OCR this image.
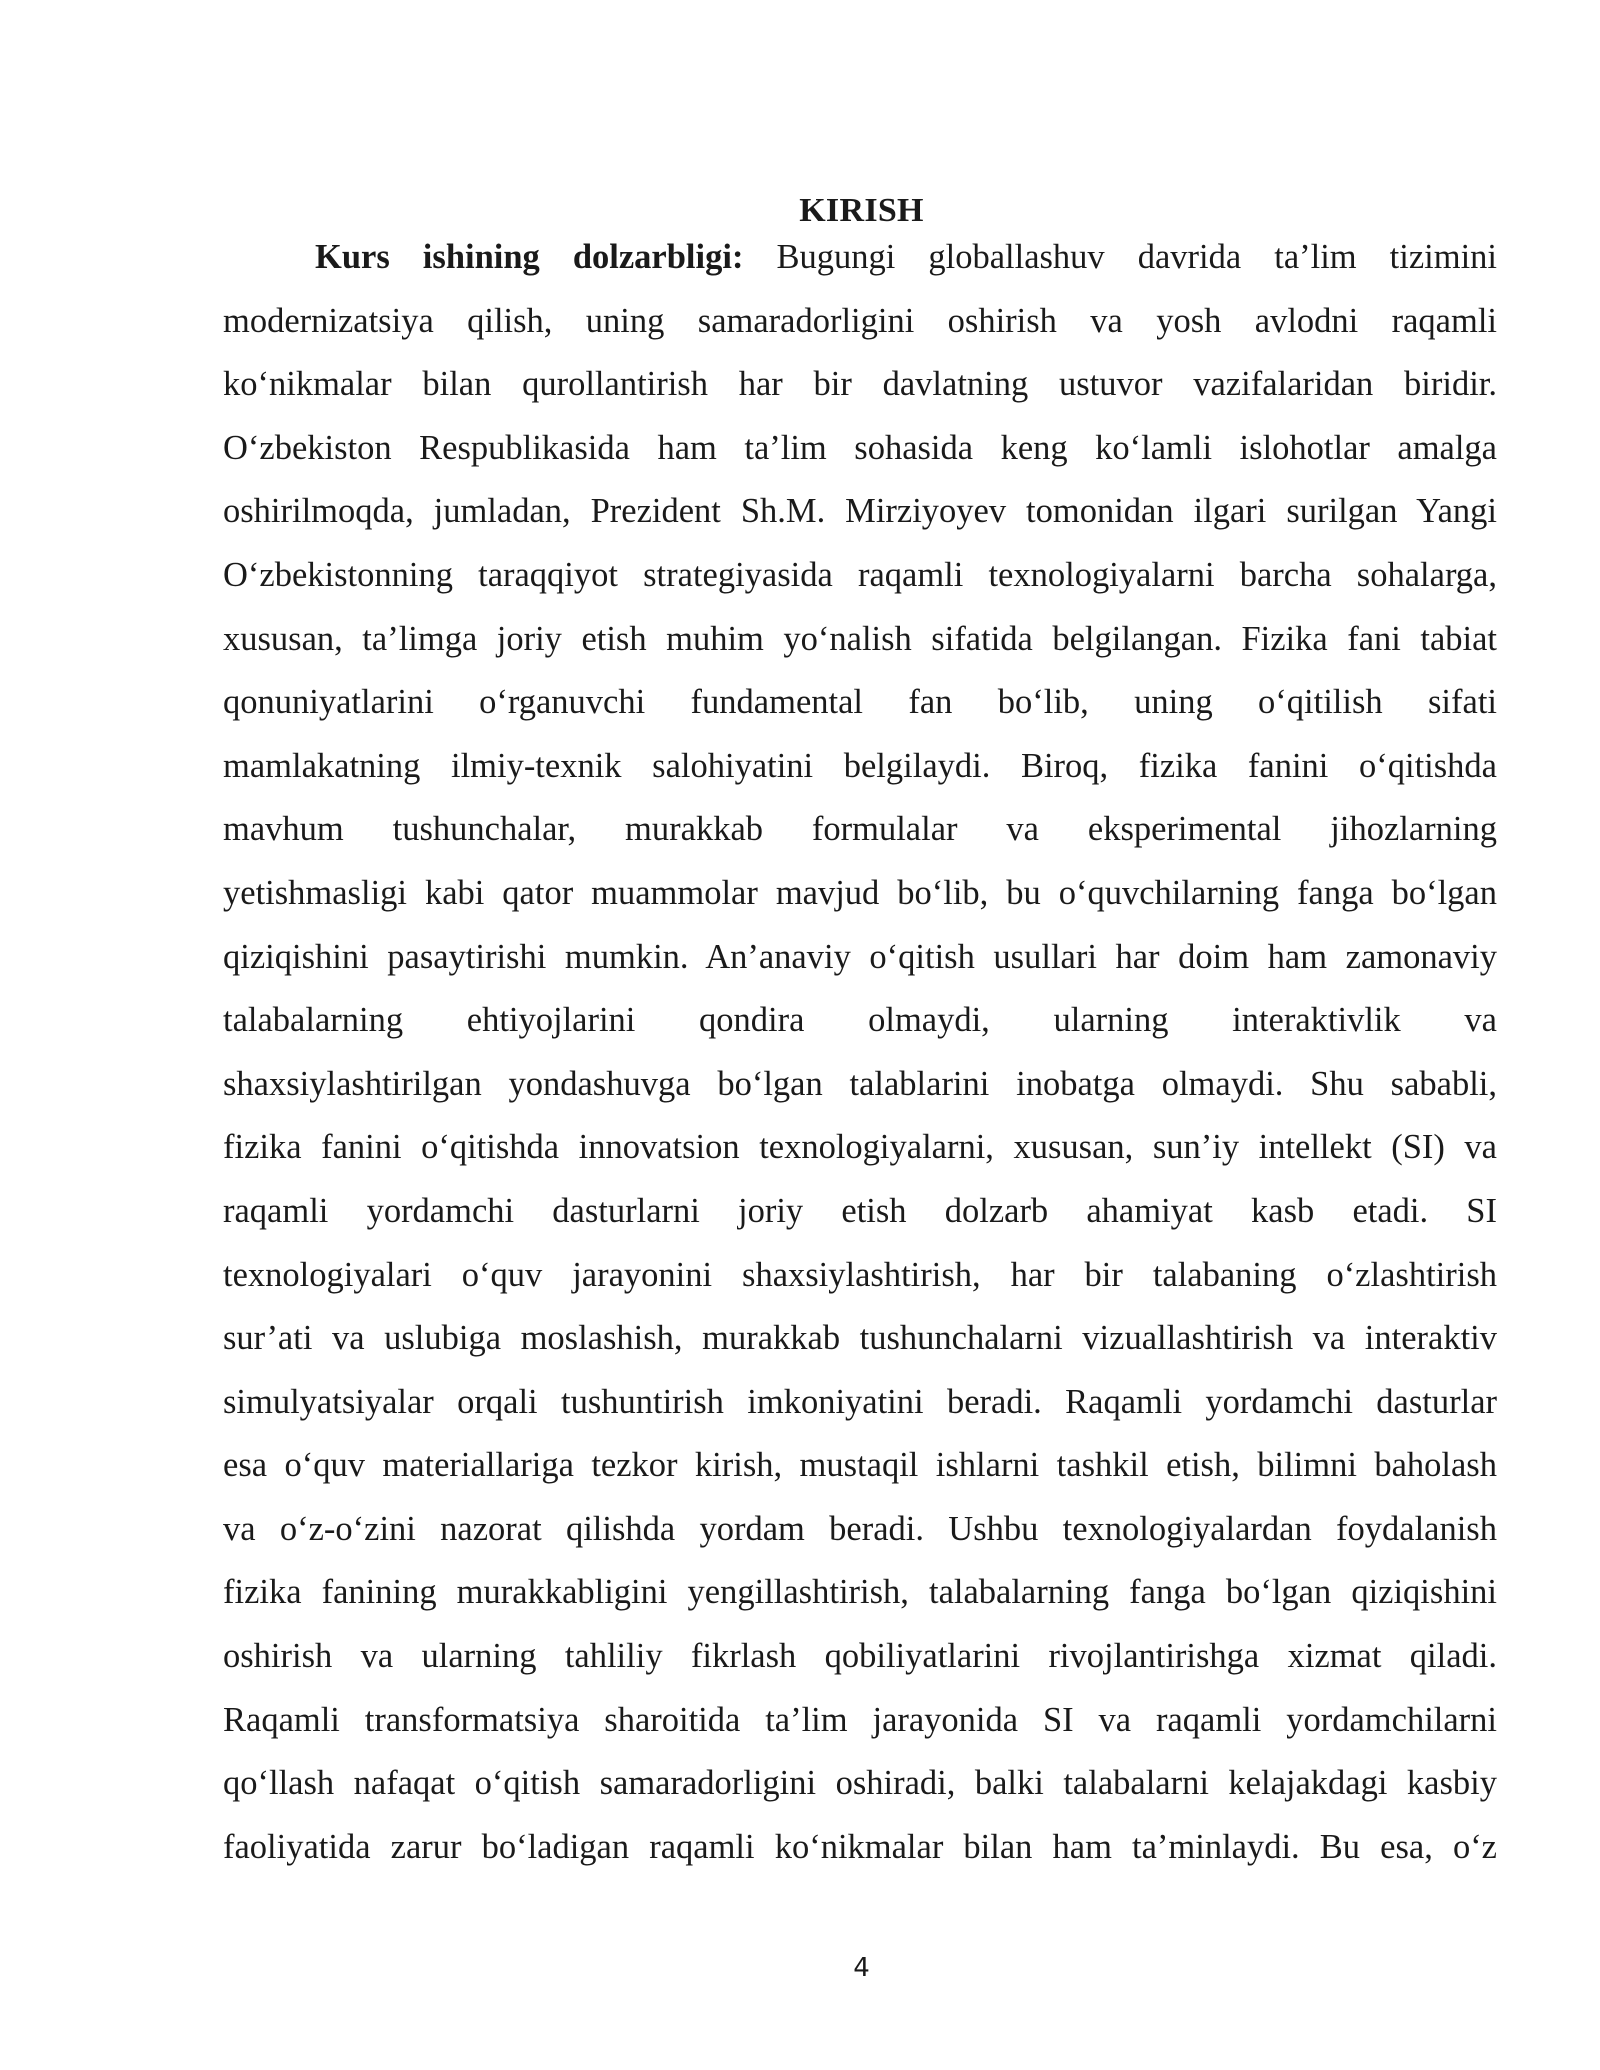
KIRISH
Kurs ishining dolzarbligi: Bugungi globallashuv davrida ta’lim tizimini
modernizatsiya qilish, uning samaradorligini oshirish va yosh avlodni raqamli
ko‘nikmalar bilan qurollantirish har bir davlatning ustuvor vazifalaridan biridir.
O‘zbekiston Respublikasida ham ta’lim sohasida keng ko‘lamli islohotlar amalga
oshirilmoqda, jumladan, Prezident Sh.M. Mirziyoyev tomonidan ilgari surilgan Yangi
O‘zbekistonning taraqqiyot strategiyasida raqamli texnologiyalarni barcha sohalarga,
xususan, ta’limga joriy etish muhim yo‘nalish sifatida belgilangan. Fizika fani tabiat
qonuniyatlarini o‘rganuvchi fundamental fan bo‘lib, uning o‘qitilish sifati
mamlakatning ilmiy-texnik salohiyatini belgilaydi. Biroq, fizika fanini o‘qitishda
mavhum tushunchalar, murakkab formulalar va eksperimental jihozlarning
yetishmasligi kabi qator muammolar mavjud bo‘lib, bu o‘quvchilarning fanga bo‘lgan
qiziqishini pasaytirishi mumkin. An’anaviy o‘qitish usullari har doim ham zamonaviy
talabalarning ehtiyojlarini qondira olmaydi, ularning interaktivlik va
shaxsiylashtirilgan yondashuvga bo‘lgan talablarini inobatga olmaydi. Shu sababli,
fizika fanini o‘qitishda innovatsion texnologiyalarni, xususan, sun’iy intellekt (SI) va
raqamli yordamchi dasturlarni joriy etish dolzarb ahamiyat kasb etadi. SI
texnologiyalari o‘quv jarayonini shaxsiylashtirish, har bir talabaning o‘zlashtirish
sur’ati va uslubiga moslashish, murakkab tushunchalarni vizuallashtirish va interaktiv
simulyatsiyalar orqali tushuntirish imkoniyatini beradi. Raqamli yordamchi dasturlar
esa o‘quv materiallariga tezkor kirish, mustaqil ishlarni tashkil etish, bilimni baholash
va o‘z-o‘zini nazorat qilishda yordam beradi. Ushbu texnologiyalardan foydalanish
fizika fanining murakkabligini yengillashtirish, talabalarning fanga bo‘lgan qiziqishini
oshirish va ularning tahliliy fikrlash qobiliyatlarini rivojlantirishga xizmat qiladi.
Raqamli transformatsiya sharoitida ta’lim jarayonida SI va raqamli yordamchilarni
qo‘llash nafaqat o‘qitish samaradorligini oshiradi, balki talabalarni kelajakdagi kasbiy
faoliyatida zarur bo‘ladigan raqamli ko‘nikmalar bilan ham ta’minlaydi. Bu esa, o‘z
4
